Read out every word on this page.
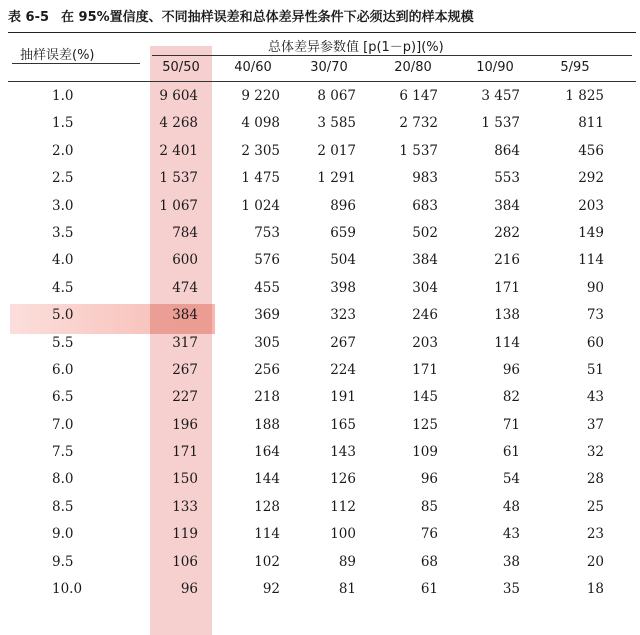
表 6-5 在 95%置信度、不同抽样误差和总体差异性条件下必须达到的样本规模
抽样误差(%)
总体差异参数值 [p(1－p)](%)
50/50	40/60	30/70	20/80	10/90	5/95
1.0	9 604	9 220	8 067	6 147	3 457	1 825
1.5	4 268	4 098	3 585	2 732	1 537	811
2.0	2 401	2 305	2 017	1 537	864	456
2.5	1 537	1 475	1 291	983	553	292
3.0	1 067	1 024	896	683	384	203
3.5	784	753	659	502	282	149
4.0	600	576	504	384	216	114
4.5	474	455	398	304	171	90
5.0	384	369	323	246	138	73
5.5	317	305	267	203	114	60
6.0	267	256	224	171	96	51
6.5	227	218	191	145	82	43
7.0	196	188	165	125	71	37
7.5	171	164	143	109	61	32
8.0	150	144	126	96	54	28
8.5	133	128	112	85	48	25
9.0	119	114	100	76	43	23
9.5	106	102	89	68	38	20
10.0	96	92	81	61	35	18
